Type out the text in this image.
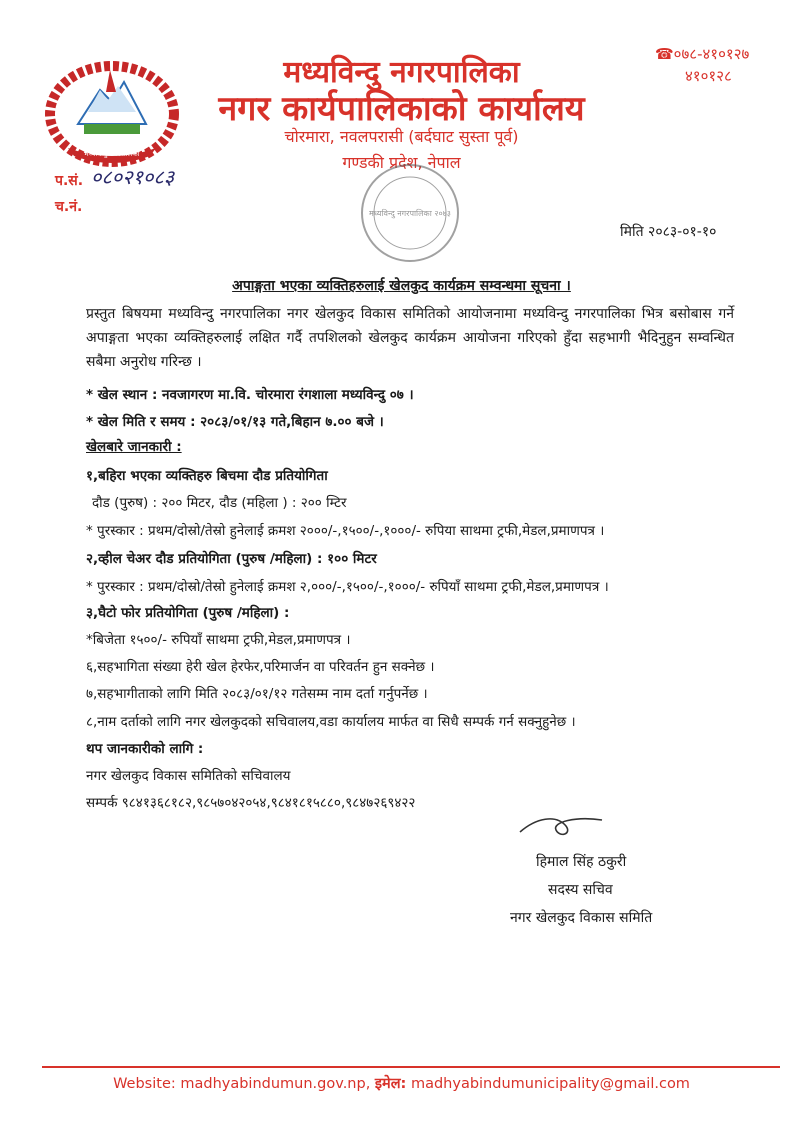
मध्यविन्दु नगरपालिका
मध्यविन्दु नगरपालिका
नगर कार्यपालिकाको कार्यालय
चोरमारा, नवलपरासी (बर्दघाट सुस्ता पूर्व)
गण्डकी प्रदेश, नेपाल
☎०७८-४१०१२७
४१०१२८
प.सं. ०८०२१०८३
च.नं.	मध्यविन्दु नगरपालिका २०७३
मिति २०८३-०१-१०
अपाङ्गता भएका व्यक्तिहरुलाई खेलकुद कार्यक्रम सम्वन्धमा सूचना ।
प्रस्तुत बिषयमा मध्यविन्दु नगरपालिका नगर खेलकुद विकास समितिको आयोजनामा मध्यविन्दु नगरपालिका भित्र बसोबास गर्ने अपाङ्गता भएका व्यक्तिहरुलाई लक्षित गर्दै तपशिलको खेलकुद कार्यक्रम आयोजना गरिएको हुँदा सहभागी भैदिनुहुन सम्वन्धित सबैमा अनुरोध गरिन्छ ।
* खेल स्थान : नवजागरण मा.वि. चोरमारा रंगशाला मध्यविन्दु ०७ ।
* खेल मिति र समय : २०८३/०१/१३ गते,बिहान ७.०० बजे ।
खेलबारे जानकारी :
१,बहिरा भएका व्यक्तिहरु बिचमा दौड प्रतियोगिता
दौड (पुरुष) : २०० मिटर, दौड (महिला ) : २०० म्टिर
* पुरस्कार : प्रथम/दोस्रो/तेस्रो हुनेलाई क्रमश २०००/-,१५००/-,१०००/- रुपिया साथमा ट्रफी,मेडल,प्रमाणपत्र ।
२,व्हील चेअर दौड प्रतियोगिता (पुरुष /महिला) : १०० मिटर
* पुरस्कार : प्रथम/दोस्रो/तेस्रो हुनेलाई क्रमश २,०००/-,१५००/-,१०००/- रुपियाँ साथमा ट्रफी,मेडल,प्रमाणपत्र ।
३,घैटो फोर प्रतियोगिता (पुरुष /महिला) :
*बिजेता १५००/- रुपियाँ साथमा ट्रफी,मेडल,प्रमाणपत्र ।
६,सहभागिता संख्या हेरी खेल हेरफेर,परिमार्जन वा परिवर्तन हुन सक्नेछ ।
७,सहभागीताको लागि मिति २०८३/०१/१२ गतेसम्म नाम दर्ता गर्नुपर्नेछ ।
८,नाम दर्ताको लागि नगर खेलकुदको सचिवालय,वडा कार्यालय मार्फत वा सिधै सम्पर्क गर्न सक्नुहुनेछ ।
थप जानकारीको लागि :
नगर खेलकुद विकास समितिको सचिवालय
सम्पर्क ९८४१३६८१८२,९८५७०४२०५४,९८४१८१५८८०,९८४७२६९४२२
हिमाल सिंह ठकुरी
सदस्य सचिव
नगर खेलकुद विकास समिति
Website: madhyabindumun.gov.np, इमेल: madhyabindumunicipality@gmail.com
